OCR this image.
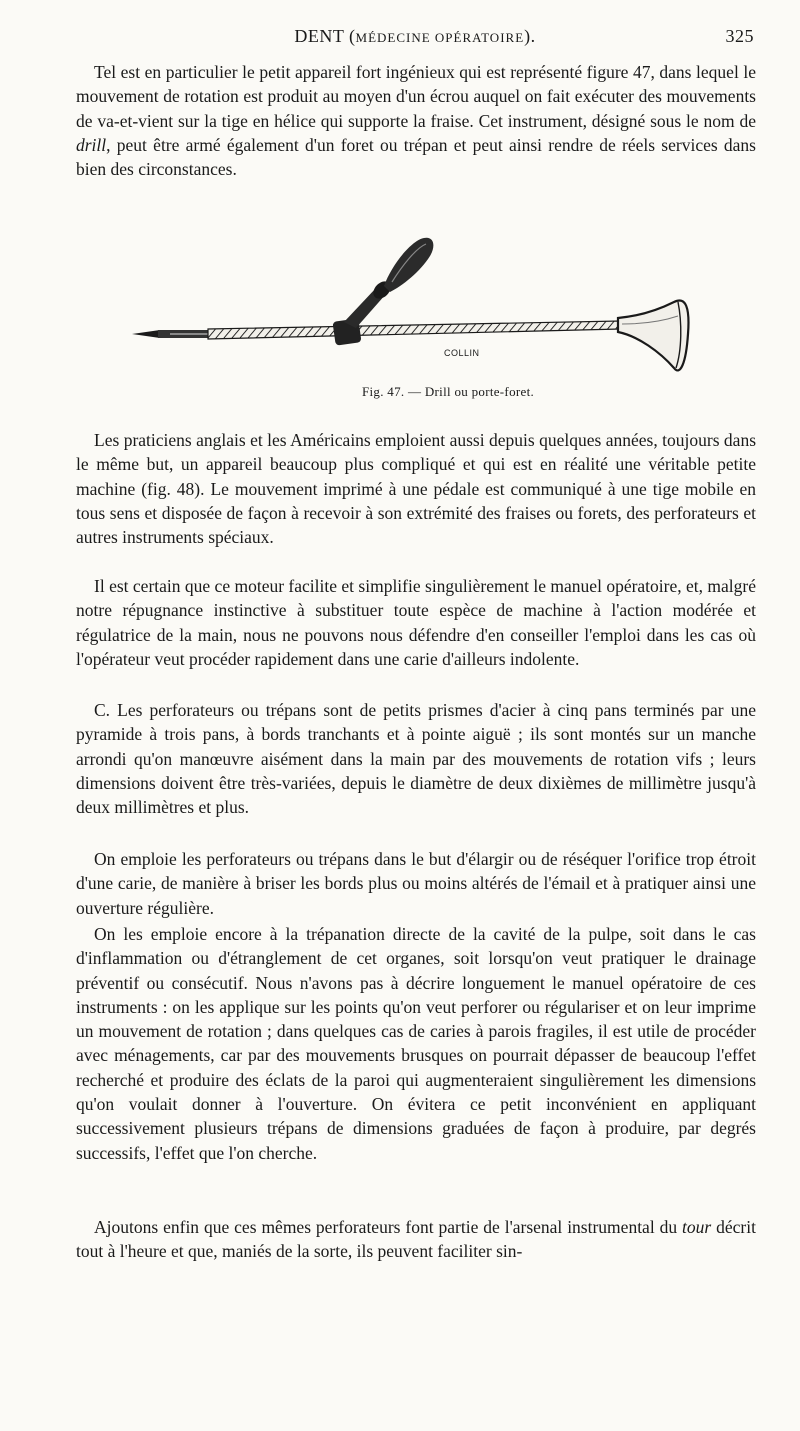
DENT (MÉDECINE OPÉRATOIRE).	325

Tel est en particulier le petit appareil fort ingénieux qui est représenté figure 47, dans lequel le mouvement de rotation est produit au moyen d'un écrou auquel on fait exécuter des mouvements de va-et-vient sur la tige en hélice qui supporte la fraise. Cet instrument, désigné sous le nom de drill, peut être armé également d'un foret ou trépan et peut ainsi rendre de réels services dans bien des circonstances.

COLLIN
Fig. 47. — Drill ou porte-foret.

Les praticiens anglais et les Américains emploient aussi depuis quelques années, toujours dans le même but, un appareil beaucoup plus compliqué et qui est en réalité une véritable petite machine (fig. 48). Le mouvement imprimé à une pédale est communiqué à une tige mobile en tous sens et disposée de façon à recevoir à son extrémité des fraises ou forets, des perforateurs et autres instruments spéciaux.

Il est certain que ce moteur facilite et simplifie singulièrement le manuel opératoire, et, malgré notre répugnance instinctive à substituer toute espèce de machine à l'action modérée et régulatrice de la main, nous ne pouvons nous défendre d'en conseiller l'emploi dans les cas où l'opérateur veut procéder rapidement dans une carie d'ailleurs indolente.

C. Les perforateurs ou trépans sont de petits prismes d'acier à cinq pans terminés par une pyramide à trois pans, à bords tranchants et à pointe aiguë ; ils sont montés sur un manche arrondi qu'on manœuvre aisément dans la main par des mouvements de rotation vifs ; leurs dimensions doivent être très-variées, depuis le diamètre de deux dixièmes de millimètre jusqu'à deux millimètres et plus.

On emploie les perforateurs ou trépans dans le but d'élargir ou de réséquer l'orifice trop étroit d'une carie, de manière à briser les bords plus ou moins altérés de l'émail et à pratiquer ainsi une ouverture régulière.

On les emploie encore à la trépanation directe de la cavité de la pulpe, soit dans le cas d'inflammation ou d'étranglement de cet organes, soit lorsqu'on veut pratiquer le drainage préventif ou consécutif. Nous n'avons pas à décrire longuement le manuel opératoire de ces instruments : on les applique sur les points qu'on veut perforer ou régulariser et on leur imprime un mouvement de rotation ; dans quelques cas de caries à parois fragiles, il est utile de procéder avec ménagements, car par des mouvements brusques on pourrait dépasser de beaucoup l'effet recherché et produire des éclats de la paroi qui augmenteraient singulièrement les dimensions qu'on voulait donner à l'ouverture. On évitera ce petit inconvénient en appliquant successivement plusieurs trépans de dimensions graduées de façon à produire, par degrés successifs, l'effet que l'on cherche.

Ajoutons enfin que ces mêmes perforateurs font partie de l'arsenal instrumental du tour décrit tout à l'heure et que, maniés de la sorte, ils peuvent faciliter sin-
